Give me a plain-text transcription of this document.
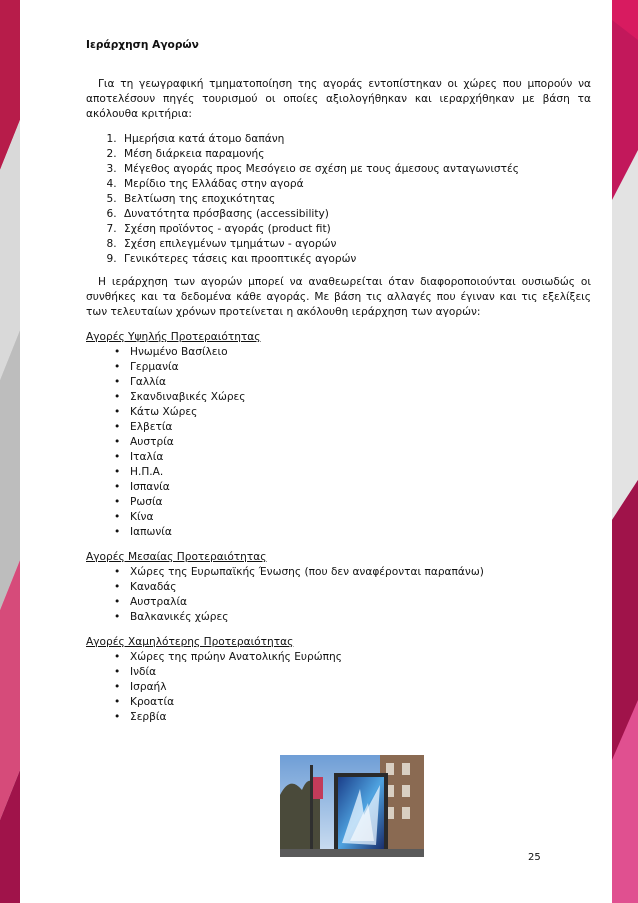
Ιεράρχηση Αγορών

Για τη γεωγραφική τμηματοποίηση της αγοράς εντοπίστηκαν οι χώρες που μπορούν να αποτελέσουν πηγές τουρισμού οι οποίες αξιολογήθηκαν και ιεραρχήθηκαν με βάση τα ακόλουθα κριτήρια:

1. Ημερήσια κατά άτομο δαπάνη
2. Μέση διάρκεια παραμονής
3. Μέγεθος αγοράς προς Μεσόγειο σε σχέση με τους άμεσους ανταγωνιστές
4. Μερίδιο της Ελλάδας στην αγορά
5. Βελτίωση της εποχικότητας
6. Δυνατότητα πρόσβασης (accessibility)
7. Σχέση προϊόντος - αγοράς (product fit)
8. Σχέση επιλεγμένων τμημάτων - αγορών
9. Γενικότερες τάσεις και προοπτικές αγορών

Η ιεράρχηση των αγορών μπορεί να αναθεωρείται όταν διαφοροποιούνται ουσιωδώς οι συνθήκες και τα δεδομένα κάθε αγοράς. Με βάση τις αλλαγές που έγιναν και τις εξελίξεις των τελευταίων χρόνων προτείνεται η ακόλουθη ιεράρχηση των αγορών:

Αγορές Υψηλής Προτεραιότητας
• Ηνωμένο Βασίλειο
• Γερμανία
• Γαλλία
• Σκανδιναβικές Χώρες
• Κάτω Χώρες
• Ελβετία
• Αυστρία
• Ιταλία
• Η.Π.Α.
• Ισπανία
• Ρωσία
• Κίνα
• Ιαπωνία
Αγορές Μεσαίας Προτεραιότητας
• Χώρες της Ευρωπαϊκής Ένωσης (που δεν αναφέρονται παραπάνω)
• Καναδάς
• Αυστραλία
• Βαλκανικές χώρες
Αγορές Χαμηλότερης Προτεραιότητας
• Χώρες της πρώην Ανατολικής Ευρώπης
• Ινδία
• Ισραήλ
• Κροατία
• Σερβία
25
